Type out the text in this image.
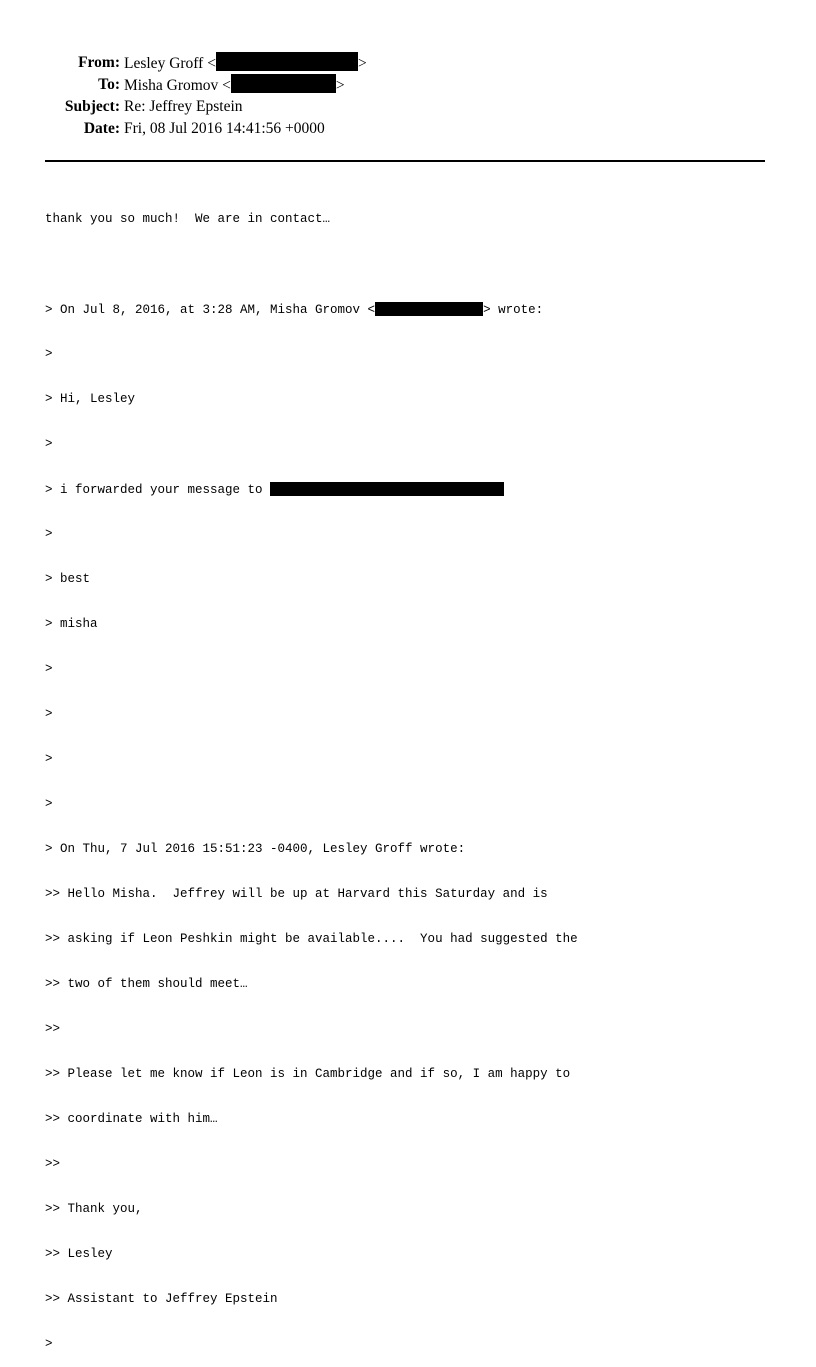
From: Lesley Groff <	>
To: Misha Gromov <	>
Subject: Re: Jeffrey Epstein
Date: Fri, 08 Jul 2016 14:41:56 +0000

thank you so much!  We are in contact…

> On Jul 8, 2016, at 3:28 AM, Misha Gromov <	> wrote:

>

> Hi, Lesley

>

> i forwarded your message to

>

> best

> misha

>

>

>

>

> On Thu, 7 Jul 2016 15:51:23 -0400, Lesley Groff wrote:

>> Hello Misha.  Jeffrey will be up at Harvard this Saturday and is

>> asking if Leon Peshkin might be available....  You had suggested the

>> two of them should meet…

>>

>> Please let me know if Leon is in Cambridge and if so, I am happy to

>> coordinate with him…

>>

>> Thank you,

>> Lesley

>> Assistant to Jeffrey Epstein

>
